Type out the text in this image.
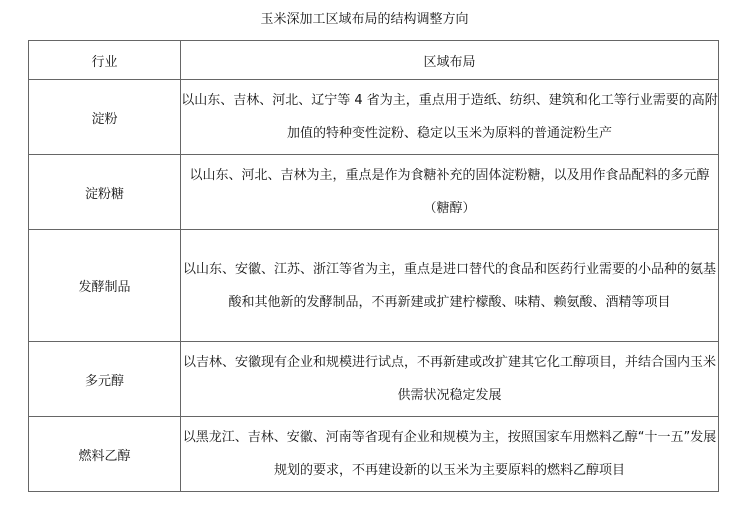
玉米深加工区域布局的结构调整方向
行业	区域布局
淀粉	以山东、吉林、河北、辽宁等 4 省为主，重点用于造纸、纺织、建筑和化工等行业需要的高附加值的特种变性淀粉、稳定以玉米为原料的普通淀粉生产
淀粉糖	以山东、河北、吉林为主，重点是作为食糖补充的固体淀粉糖，以及用作食品配料的多元醇（糖醇）
发酵制品	以山东、安徽、江苏、浙江等省为主，重点是进口替代的食品和医药行业需要的小品种的氨基酸和其他新的发酵制品，不再新建或扩建柠檬酸、味精、赖氨酸、酒精等项目
多元醇	以吉林、安徽现有企业和规模进行试点，不再新建或改扩建其它化工醇项目，并结合国内玉米供需状况稳定发展
燃料乙醇	以黑龙江、吉林、安徽、河南等省现有企业和规模为主，按照国家车用燃料乙醇“十一五”发展规划的要求，不再建设新的以玉米为主要原料的燃料乙醇项目
